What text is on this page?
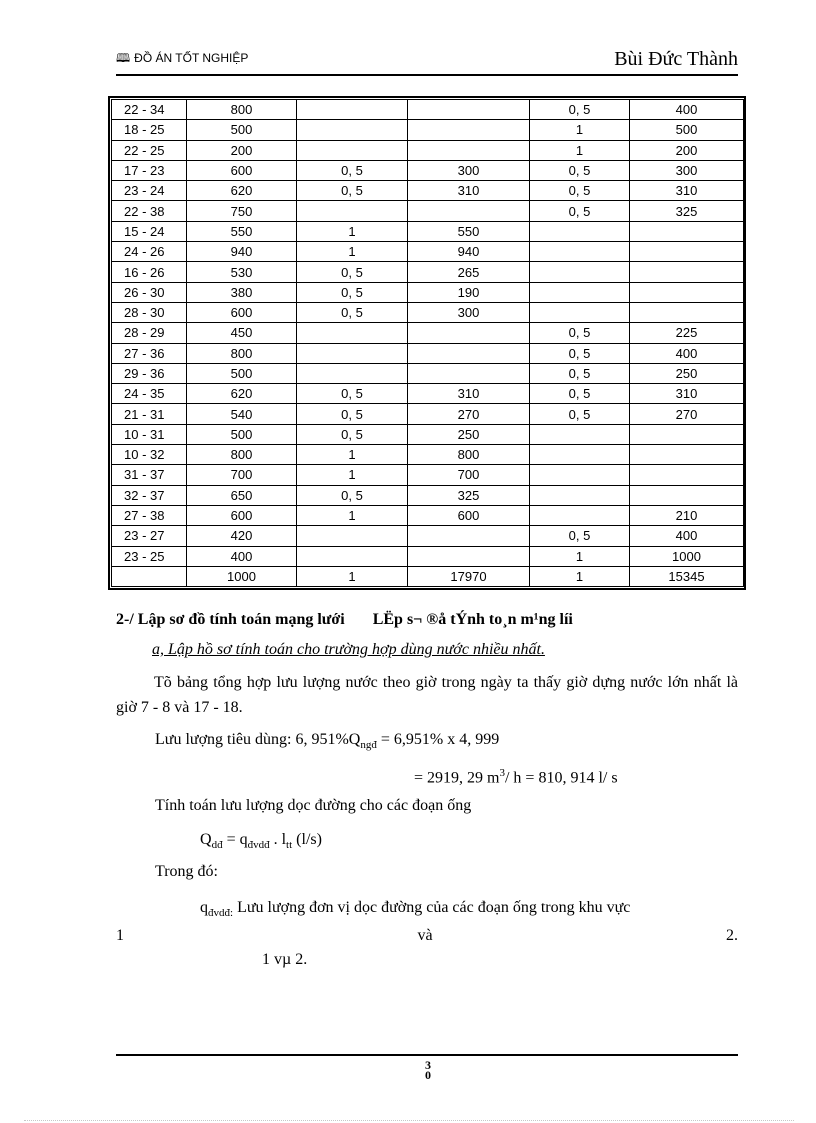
🕮 ĐỒ ÁN TỐT NGHIỆP	Bùi Đức Thành
22 - 34	800			0, 5	400
18 - 25	500			1	500
22 - 25	200			1	200
17 - 23	600	0, 5	300	0, 5	300
23 - 24	620	0, 5	310	0, 5	310
22 - 38	750			0, 5	325
15 - 24	550	1	550		
24 - 26	940	1	940		
16 - 26	530	0, 5	265		
26 - 30	380	0, 5	190		
28 - 30	600	0, 5	300		
28 - 29	450			0, 5	225
27 - 36	800			0, 5	400
29 - 36	500			0, 5	250
24 - 35	620	0, 5	310	0, 5	310
21 - 31	540	0, 5	270	0, 5	270
10 - 31	500	0, 5	250		
10 - 32	800	1	800		
31 - 37	700	1	700		
32 - 37	650	0, 5	325		
27 - 38	600	1	600		210
23 - 27	420			0, 5	400
23 - 25	400			1	1000
	1000	1	17970	1	15345
2-/ Lập sơ đồ tính toán mạng lưới LËp s¬ ®å tÝnh to¸n m¹ng líi
a, Lập hồ sơ tính toán cho trường hợp dùng nước nhiều nhất.
Tõ bảng tổng hợp lưu lượng nước theo giờ trong ngày ta thấy giờ dựng nước lớn nhất là giờ 7 - 8 và 17 - 18.
Lưu lượng tiêu dùng: 6, $951\%Q_{ngđ} = 6,951\%$ x 4, 999
= 2919, 29 $m^3/$ h = 810, 914 l/ s
Tính toán lưu lượng dọc đường cho các đoạn ống
$Q_{dđ} = q_{đvdđ}$ . $l_{tt}$ (l/s)
Trong đó:
$q_{đvdđ:}$ Lưu lượng đơn vị dọc đường của các đoạn ống trong khu vực
1	và	2.
1 vµ 2.
3
0
